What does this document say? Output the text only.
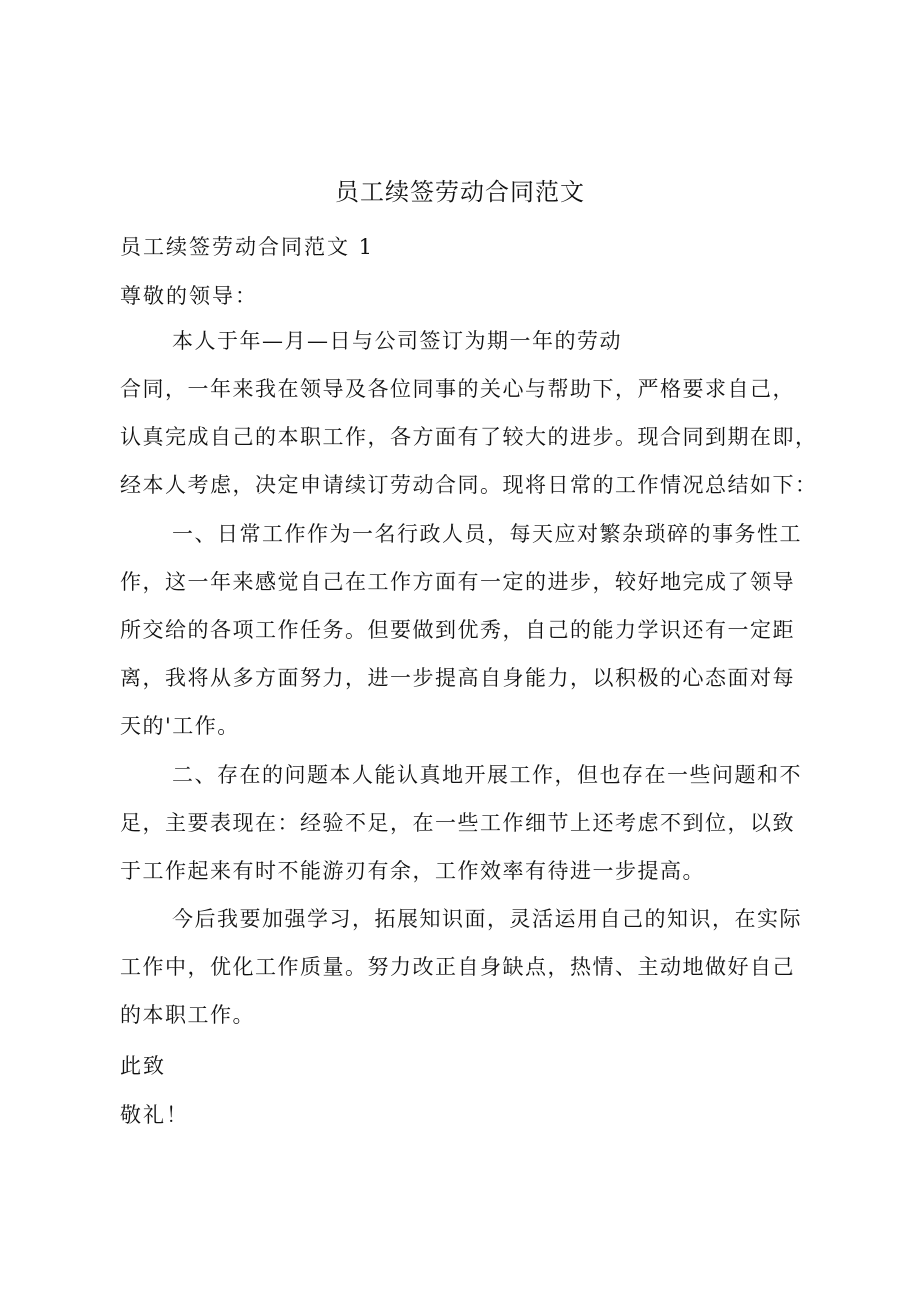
员工续签劳动合同范文
员工续签劳动合同范文 1
尊敬的领导：
本人于年—月—日与公司签订为期一年的劳动
合同，一年来我在领导及各位同事的关心与帮助下，严格要求自己，
认真完成自己的本职工作，各方面有了较大的进步。现合同到期在即，
经本人考虑，决定申请续订劳动合同。现将日常的工作情况总结如下：
一、日常工作作为一名行政人员，每天应对繁杂琐碎的事务性工
作，这一年来感觉自己在工作方面有一定的进步，较好地完成了领导
所交给的各项工作任务。但要做到优秀，自己的能力学识还有一定距
离，我将从多方面努力，进一步提高自身能力，以积极的心态面对每
天的'工作。
二、存在的问题本人能认真地开展工作，但也存在一些问题和不
足，主要表现在：经验不足，在一些工作细节上还考虑不到位，以致
于工作起来有时不能游刃有余，工作效率有待进一步提高。
今后我要加强学习，拓展知识面，灵活运用自己的知识，在实际
工作中，优化工作质量。努力改正自身缺点，热情、主动地做好自己
的本职工作。
此致
敬礼！
